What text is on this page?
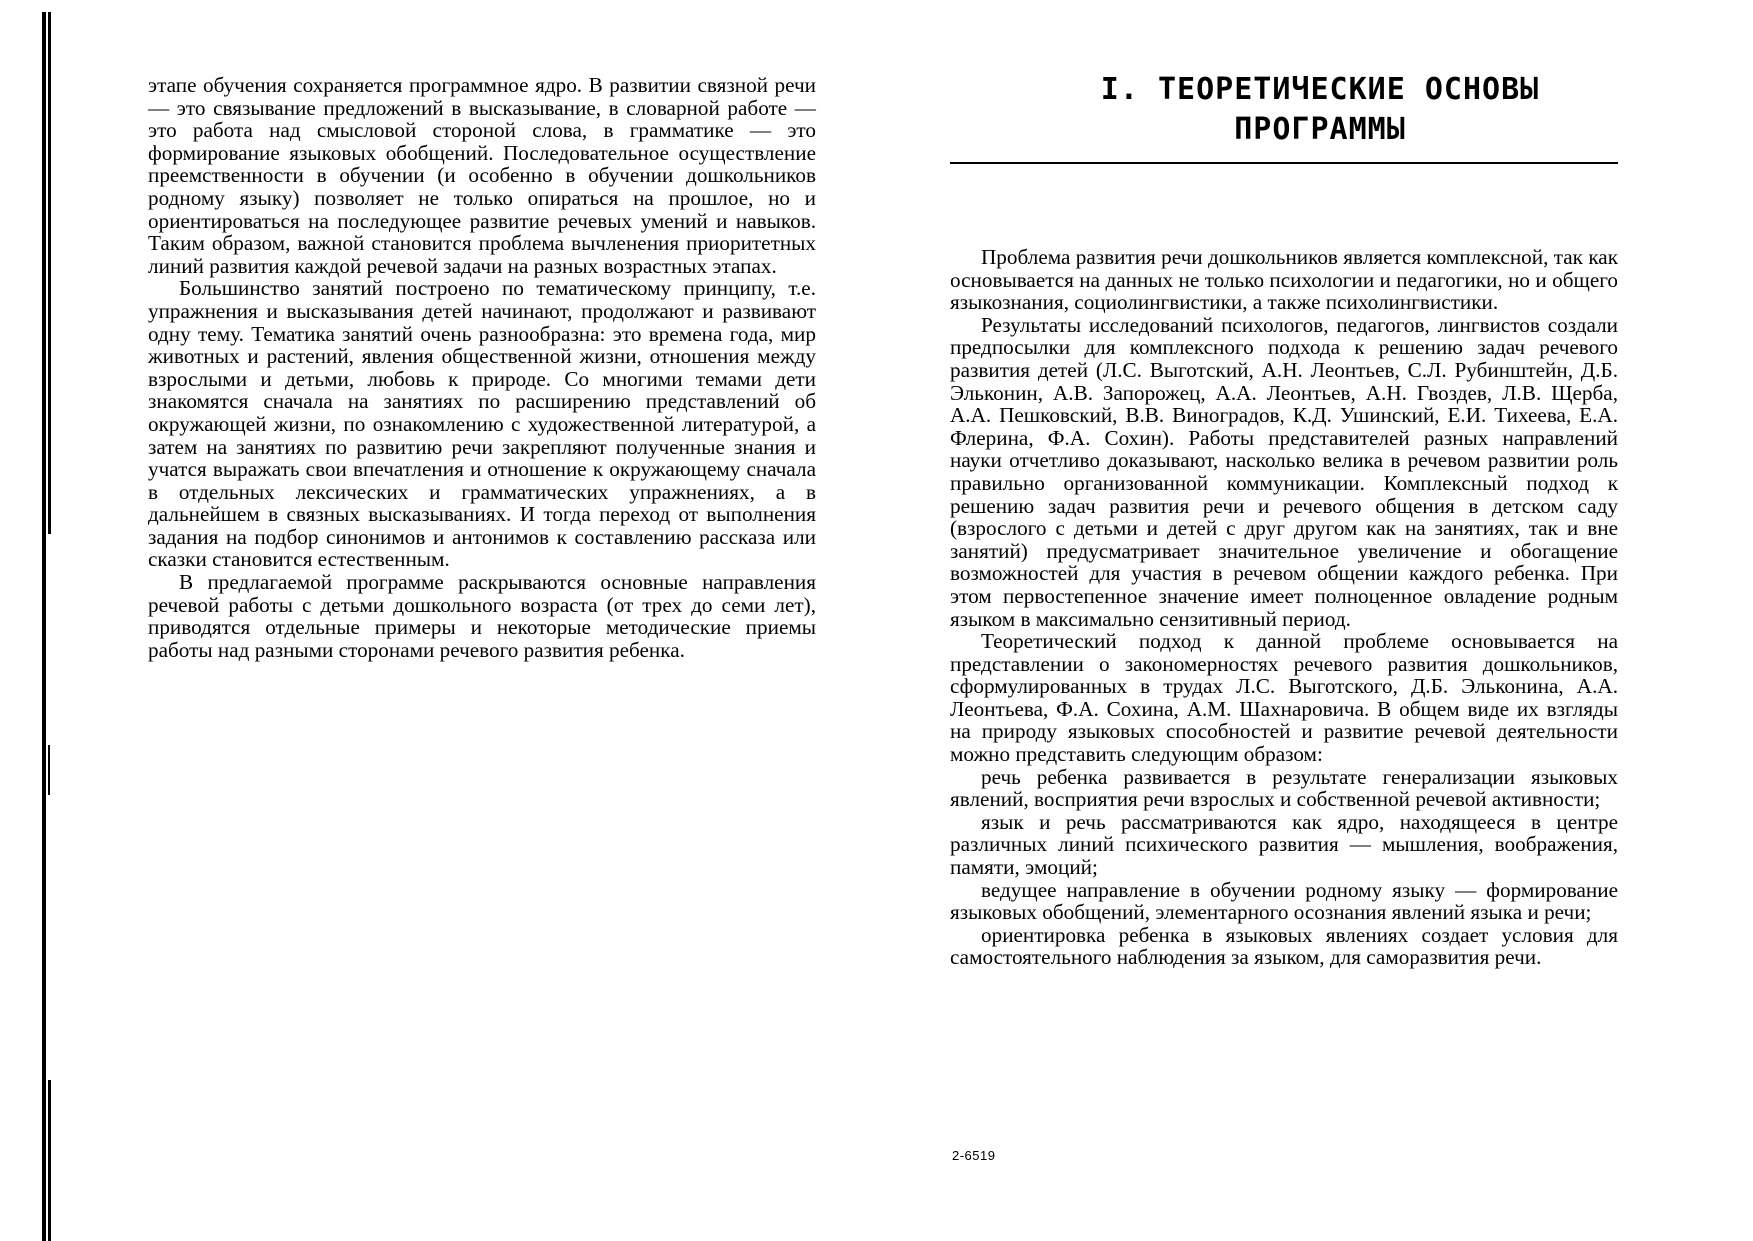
этапе обучения сохраняется программное ядро. В развитии связной речи — это связывание предложений в высказывание, в словарной работе — это работа над смысловой стороной слова, в грамматике — это формирование языковых обобщений. Последовательное осуществление преемственности в обучении (и особенно в обучении дошкольников родному языку) позволяет не только опираться на прошлое, но и ориентироваться на последующее развитие речевых умений и навыков. Таким образом, важной становится проблема вычленения приоритетных линий развития каждой речевой задачи на разных возрастных этапах.

Большинство занятий построено по тематическому принципу, т.е. упражнения и высказывания детей начинают, продолжают и развивают одну тему. Тематика занятий очень разнообразна: это времена года, мир животных и растений, явления общественной жизни, отношения между взрослыми и детьми, любовь к природе. Со многими темами дети знакомятся сначала на занятиях по расширению представлений об окружающей жизни, по ознакомлению с художественной литературой, а затем на занятиях по развитию речи закрепляют полученные знания и учатся выражать свои впечатления и отношение к окружающему сначала в отдельных лексических и грамматических упражнениях, а в дальнейшем в связных высказываниях. И тогда переход от выполнения задания на подбор синонимов и антонимов к составлению рассказа или сказки становится естественным.

В предлагаемой программе раскрываются основные направления речевой работы с детьми дошкольного возраста (от трех до семи лет), приводятся отдельные примеры и некоторые методические приемы работы над разными сторонами речевого развития ребенка.

I. ТЕОРЕТИЧЕСКИЕ ОСНОВЫ
ПРОГРАММЫ

Проблема развития речи дошкольников является комплексной, так как основывается на данных не только психологии и педагогики, но и общего языкознания, социолингвистики, а также психолингвистики.

Результаты исследований психологов, педагогов, лингвистов создали предпосылки для комплексного подхода к решению задач речевого развития детей (Л.С. Выготский, А.Н. Леонтьев, С.Л. Рубинштейн, Д.Б. Эльконин, А.В. Запорожец, А.А. Леонтьев, А.Н. Гвоздев, Л.В. Щерба, А.А. Пешковский, В.В. Виноградов, К.Д. Ушинский, Е.И. Тихеева, Е.А. Флерина, Ф.А. Сохин). Работы представителей разных направлений науки отчетливо доказывают, насколько велика в речевом развитии роль правильно организованной коммуникации. Комплексный подход к решению задач развития речи и речевого общения в детском саду (взрослого с детьми и детей с друг другом как на занятиях, так и вне занятий) предусматривает значительное увеличение и обогащение возможностей для участия в речевом общении каждого ребенка. При этом первостепенное значение имеет полноценное овладение родным языком в максимально сензитивный период.

Теоретический подход к данной проблеме основывается на представлении о закономерностях речевого развития дошкольников, сформулированных в трудах Л.С. Выготского, Д.Б. Эльконина, А.А. Леонтьева, Ф.А. Сохина, А.М. Шахнаровича. В общем виде их взгляды на природу языковых способностей и развитие речевой деятельности можно представить следующим образом:

речь ребенка развивается в результате генерализации языковых явлений, восприятия речи взрослых и собственной речевой активности;

язык и речь рассматриваются как ядро, находящееся в центре различных линий психического развития — мышления, воображения, памяти, эмоций;

ведущее направление в обучении родному языку — формирование языковых обобщений, элементарного осознания явлений языка и речи;

ориентировка ребенка в языковых явлениях создает условия для самостоятельного наблюдения за языком, для саморазвития речи.

2-6519
